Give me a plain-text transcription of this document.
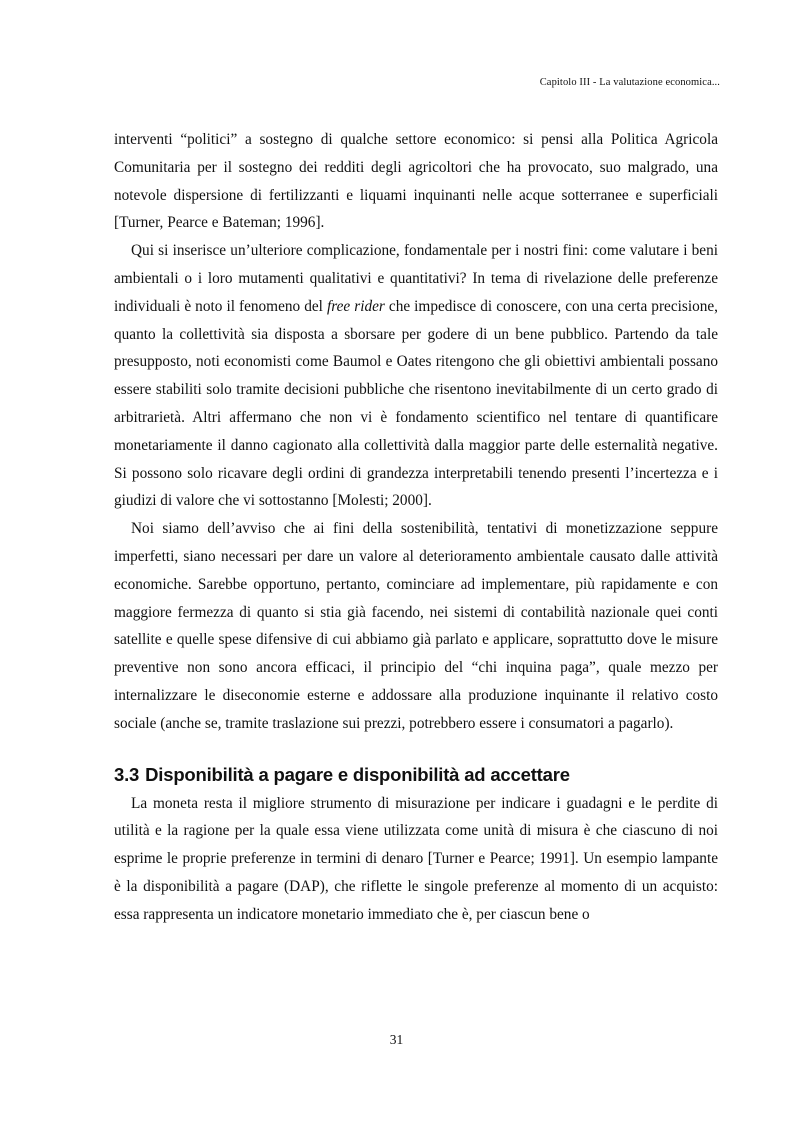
Capitolo III - La valutazione economica...

interventi “politici” a sostegno di qualche settore economico: si pensi alla Politica Agricola Comunitaria per il sostegno dei redditi degli agricoltori che ha provocato, suo malgrado, una notevole dispersione di fertilizzanti e liquami inquinanti nelle acque sotterranee e superficiali [Turner, Pearce e Bateman; 1996].

Qui si inserisce un’ulteriore complicazione, fondamentale per i nostri fini: come valutare i beni ambientali o i loro mutamenti qualitativi e quantitativi? In tema di rivelazione delle preferenze individuali è noto il fenomeno del free rider che impedisce di conoscere, con una certa precisione, quanto la collettività sia disposta a sborsare per godere di un bene pubblico. Partendo da tale presupposto, noti economisti come Baumol e Oates ritengono che gli obiettivi ambientali possano essere stabiliti solo tramite decisioni pubbliche che risentono inevitabilmente di un certo grado di arbitrarietà. Altri affermano che non vi è fondamento scientifico nel tentare di quantificare monetariamente il danno cagionato alla collettività dalla maggior parte delle esternalità negative. Si possono solo ricavare degli ordini di grandezza interpretabili tenendo presenti l’incertezza e i giudizi di valore che vi sottostanno [Molesti; 2000].

Noi siamo dell’avviso che ai fini della sostenibilità, tentativi di monetizzazione seppure imperfetti, siano necessari per dare un valore al deterioramento ambientale causato dalle attività economiche. Sarebbe opportuno, pertanto, cominciare ad implementare, più rapidamente e con maggiore fermezza di quanto si stia già facendo, nei sistemi di contabilità nazionale quei conti satellite e quelle spese difensive di cui abbiamo già parlato e applicare, soprattutto dove le misure preventive non sono ancora efficaci, il principio del “chi inquina paga”, quale mezzo per internalizzare le diseconomie esterne e addossare alla produzione inquinante il relativo costo sociale (anche se, tramite traslazione sui prezzi, potrebbero essere i consumatori a pagarlo).

3.3 Disponibilità a pagare e disponibilità ad accettare

La moneta resta il migliore strumento di misurazione per indicare i guadagni e le perdite di utilità e la ragione per la quale essa viene utilizzata come unità di misura è che ciascuno di noi esprime le proprie preferenze in termini di denaro [Turner e Pearce; 1991]. Un esempio lampante è la disponibilità a pagare (DAP), che riflette le singole preferenze al momento di un acquisto: essa rappresenta un indicatore monetario immediato che è, per ciascun bene o

31
